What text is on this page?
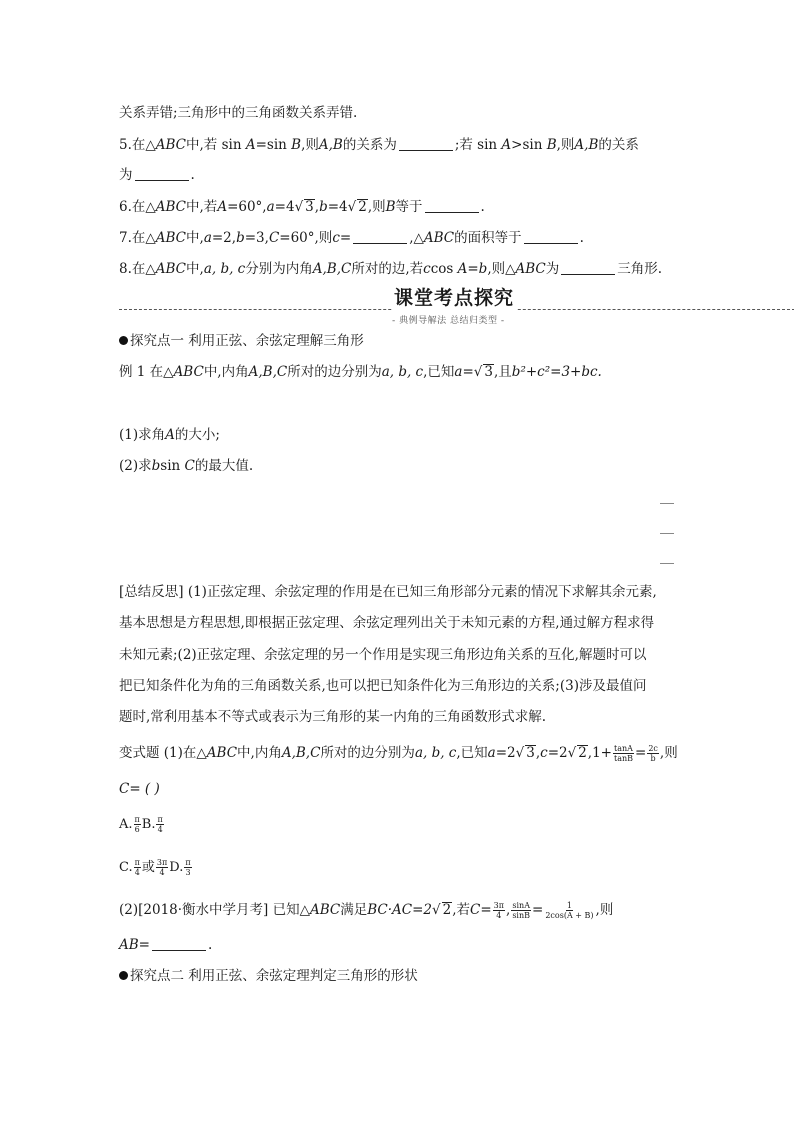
关系弄错;三角形中的三角函数关系弄错.
5.在△ABC中,若 sin A=sin B,则A,B的关系为	;若 sin A>sin B,则A,B的关系
为	.
6.在△ABC中,若A=60°,a=4√ 3,b=4√ 2,则B等于	.
7.在△ABC中,a=2,b=3,C=60°,则c=	,△ABC的面积等于	.
8.在△ABC中,a, b, c分别为内角A,B,C所对的边,若ccos A=b,则△ABC为	三角形.
课堂考点探究
- 典例导解法 总结归类型 -
探究点一 利用正弦、余弦定理解三角形
例 1 在△ABC中,内角A,B,C所对的边分别为a, b, c,已知a=√ 3,且b²+c²=3+bc.
(1)求角A的大小;
(2)求bsin C的最大值.
[总结反思] (1)正弦定理、余弦定理的作用是在已知三角形部分元素的情况下求解其余元素,
基本思想是方程思想,即根据正弦定理、余弦定理列出关于未知元素的方程,通过解方程求得
未知元素;(2)正弦定理、余弦定理的另一个作用是实现三角形边角关系的互化,解题时可以
把已知条件化为角的三角函数关系,也可以把已知条件化为三角形边的关系;(3)涉及最值问
题时,常利用基本不等式或表示为三角形的某一内角的三角函数形式求解.
变式题 (1)在△ABC中,内角A,B,C所对的边分别为a, b, c,已知a=2√ 3,c=2√ $2,1+ \frac{\tan A}{\tan B} = \frac{2c}{b}$ ,则
C= ( )
A. $\frac{\pi}{6} B$. $\frac{\pi}{4}$
C. $\frac{\pi}{4}$ 或 $\frac{3\pi}{4} D$. $\frac{\pi}{3}$
(2)[2018·衡水中学月考] 已知△ABC满足BC·AC=2√ 2,若$C= \frac{3\pi}{4}$ , $\frac{\sin A}{\sin B} = \frac{1}{2\cos(A + B)}$ ,则
AB=	.
探究点二 利用正弦、余弦定理判定三角形的形状
